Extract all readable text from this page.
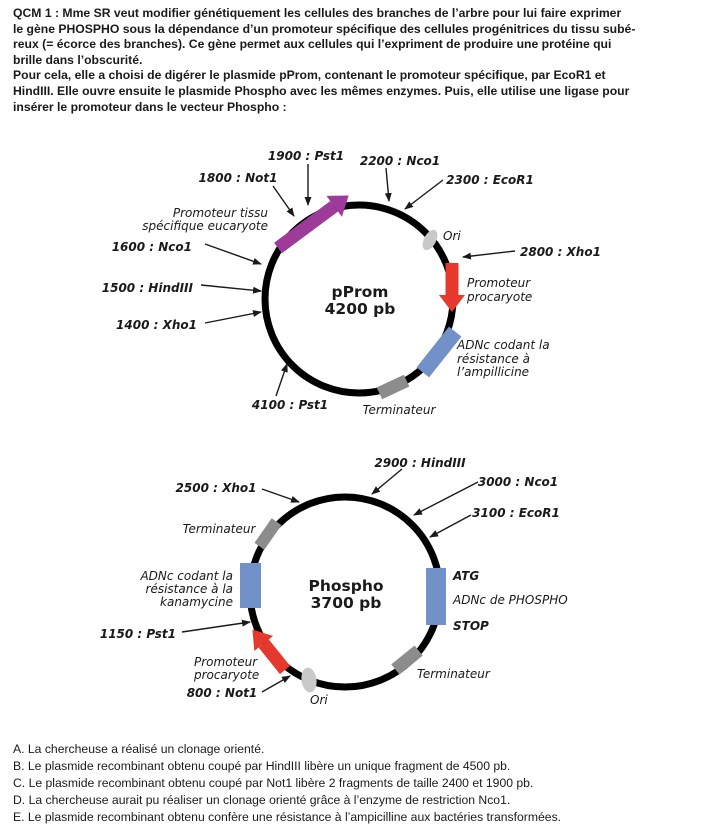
QCM 1 : Mme SR veut modifier génétiquement les cellules des branches de l’arbre pour lui faire exprimer
le gène PHOSPHO sous la dépendance d’un promoteur spécifique des cellules progénitrices du tissu subé-
reux (= écorce des branches). Ce gène permet aux cellules qui l’expriment de produire une protéine qui
brille dans l’obscurité.
Pour cela, elle a choisi de digérer le plasmide pProm, contenant le promoteur spécifique, par EcoR1 et
HindIII. Elle ouvre ensuite le plasmide Phospho avec les mêmes enzymes. Puis, elle utilise une ligase pour
insérer le promoteur dans le vecteur Phospho :
1900 : Pst1 2200 : Nco1
1800 : Not1	2300 : EcoR1
1600 : Nco1	2800 : Xho1
1500 : HindIII
1400 : Xho1
4100 : Pst1
Promoteur tissu
spécifique eucaryote
Ori
Promoteur
procaryote
ADNc codant la
résistance à
l’ampillicine
Terminateur
pProm
4200 pb
2900 : HindIII
2500 : Xho1	3000 : Nco1
3100 : EcoR1
1150 : Pst1
800 : Not1
Terminateur
ADNc codant la
résistance à la
kanamycine
Promoteur
procaryote
Ori
Terminateur
ATG
ADNc de PHOSPHO
STOP
Phospho
3700 pb
A. La chercheuse a réalisé un clonage orienté.
B. Le plasmide recombinant obtenu coupé par HindIII libère un unique fragment de 4500 pb.
C. Le plasmide recombinant obtenu coupé par Not1 libère 2 fragments de taille 2400 et 1900 pb.
D. La chercheuse aurait pu réaliser un clonage orienté grâce à l’enzyme de restriction Nco1.
E. Le plasmide recombinant obtenu confère une résistance à l’ampicilline aux bactéries transformées.
